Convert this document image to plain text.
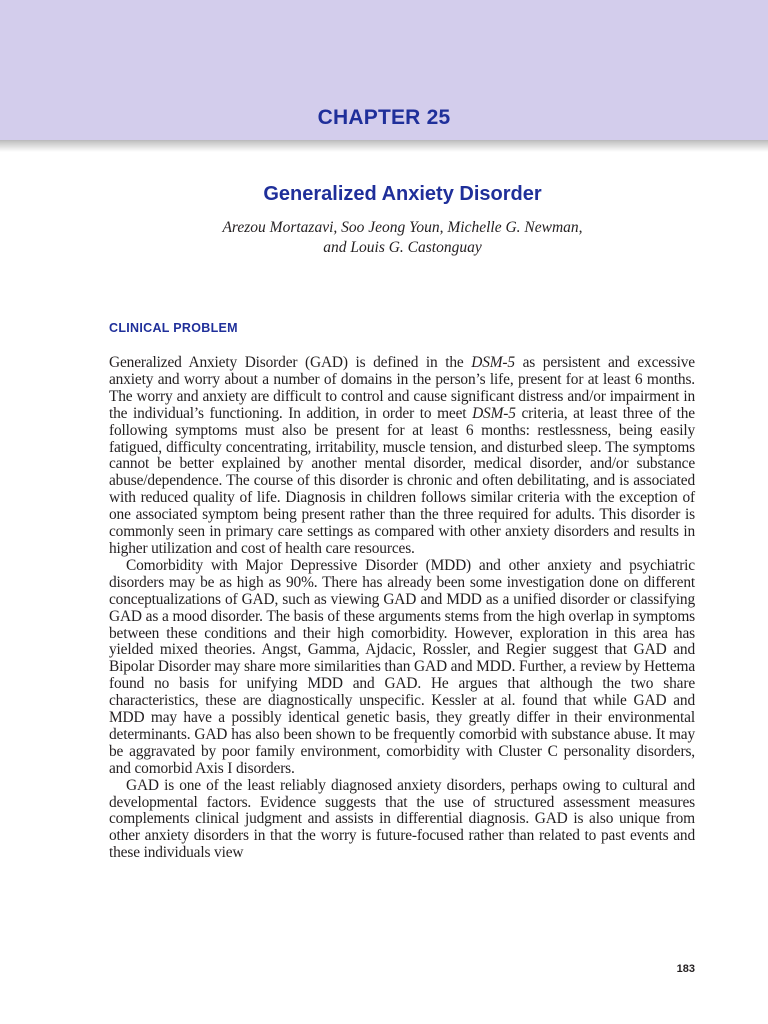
CHAPTER 25
Generalized Anxiety Disorder
Arezou Mortazavi, Soo Jeong Youn, Michelle G. Newman,
and Louis G. Castonguay
CLINICAL PROBLEM

Generalized Anxiety Disorder (GAD) is defined in the DSM-5 as persistent and excessive anxiety and worry about a number of domains in the person’s life, present for at least 6 months. The worry and anxiety are difficult to control and cause significant distress and/or impairment in the individual’s functioning. In addition, in order to meet DSM-5 criteria, at least three of the following symptoms must also be present for at least 6 months: restlessness, being easily fatigued, difficulty concentrating, irritability, muscle tension, and disturbed sleep. The symptoms cannot be better explained by another mental disorder, medical disorder, and/or substance abuse/dependence. The course of this disorder is chronic and often debilitating, and is associated with reduced quality of life. Diagnosis in children follows similar criteria with the exception of one associated symptom being present rather than the three required for adults. This disorder is commonly seen in primary care settings as compared with other anxiety disorders and results in higher utilization and cost of health care resources.

Comorbidity with Major Depressive Disorder (MDD) and other anxiety and psychiatric disorders may be as high as 90%. There has already been some investigation done on different conceptualizations of GAD, such as viewing GAD and MDD as a unified disorder or classifying GAD as a mood disorder. The basis of these arguments stems from the high overlap in symptoms between these conditions and their high comorbidity. However, exploration in this area has yielded mixed theories. Angst, Gamma, Ajdacic, Rossler, and Regier suggest that GAD and Bipolar Disorder may share more similarities than GAD and MDD. Further, a review by Hettema found no basis for unifying MDD and GAD. He argues that although the two share characteristics, these are diagnostically unspecific. Kessler at al. found that while GAD and MDD may have a possibly identical genetic basis, they greatly differ in their environmental determinants. GAD has also been shown to be frequently comorbid with substance abuse. It may be aggravated by poor family environment, comorbidity with Cluster C personality disorders, and comorbid Axis I disorders.

GAD is one of the least reliably diagnosed anxiety disorders, perhaps owing to cultural and developmental factors. Evidence suggests that the use of structured assessment measures complements clinical judgment and assists in differential diagnosis. GAD is also unique from other anxiety disorders in that the worry is future-focused rather than related to past events and these individuals view

183
